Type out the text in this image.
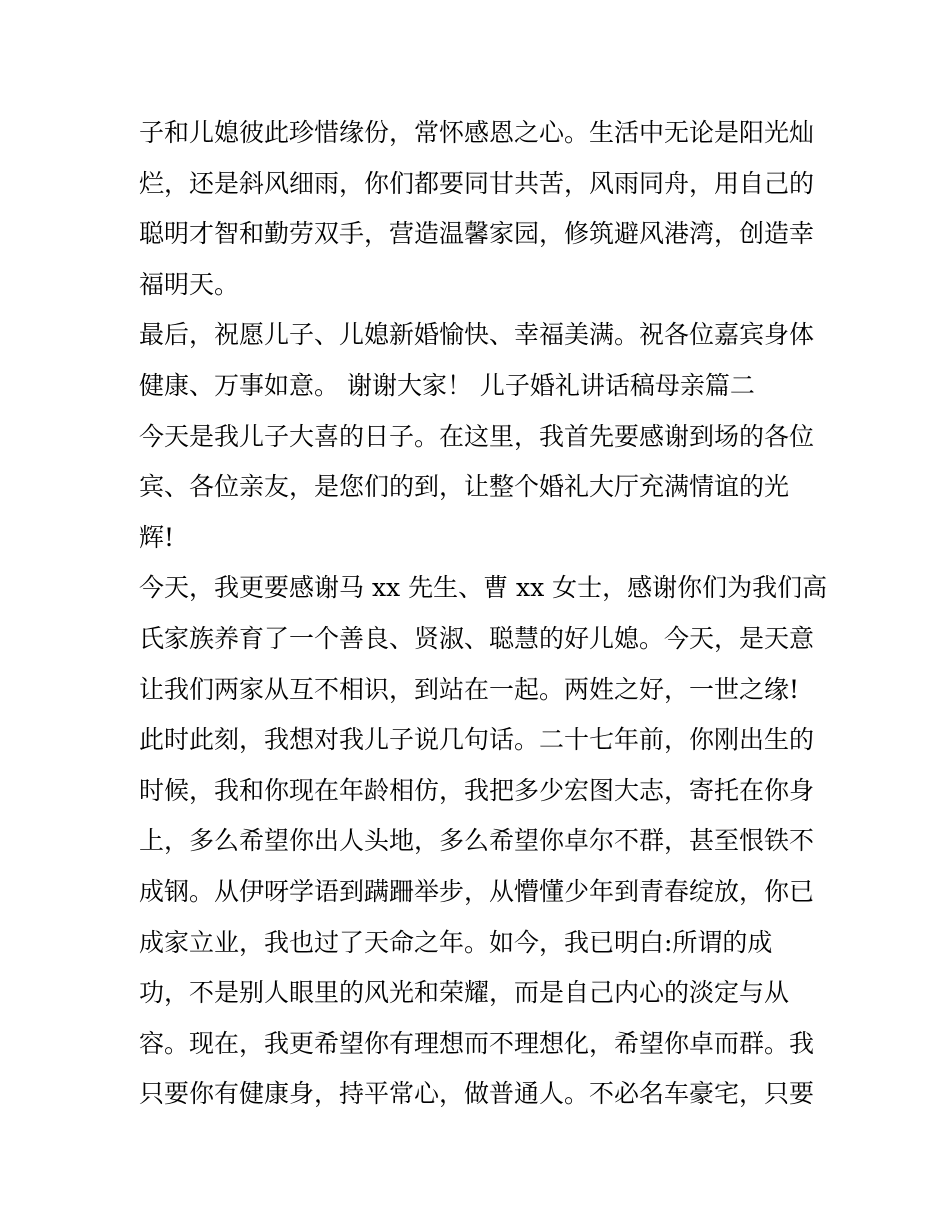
子和儿媳彼此珍惜缘份，常怀感恩之心。生活中无论是阳光灿
烂，还是斜风细雨，你们都要同甘共苦，风雨同舟，用自己的
聪明才智和勤劳双手，营造温馨家园，修筑避风港湾，创造幸
福明天。
最后，祝愿儿子、儿媳新婚愉快、幸福美满。祝各位嘉宾身体
健康、万事如意。 谢谢大家！ 儿子婚礼讲话稿母亲篇二
今天是我儿子大喜的日子。在这里，我首先要感谢到场的各位
宾、各位亲友，是您们的到，让整个婚礼大厅充满情谊的光
辉!
今天，我更要感谢马 xx 先生、曹 xx 女士，感谢你们为我们高
氏家族养育了一个善良、贤淑、聪慧的好儿媳。今天，是天意
让我们两家从互不相识，到站在一起。两姓之好，一世之缘!
此时此刻，我想对我儿子说几句话。二十七年前，你刚出生的
时候，我和你现在年龄相仿，我把多少宏图大志，寄托在你身
上，多么希望你出人头地，多么希望你卓尔不群，甚至恨铁不
成钢。从伊呀学语到蹒跚举步，从懵懂少年到青春绽放，你已
成家立业，我也过了天命之年。如今，我已明白:所谓的成
功，不是别人眼里的风光和荣耀，而是自己内心的淡定与从
容。现在，我更希望你有理想而不理想化，希望你卓而群。我
只要你有健康身，持平常心，做普通人。不必名车豪宅，只要
